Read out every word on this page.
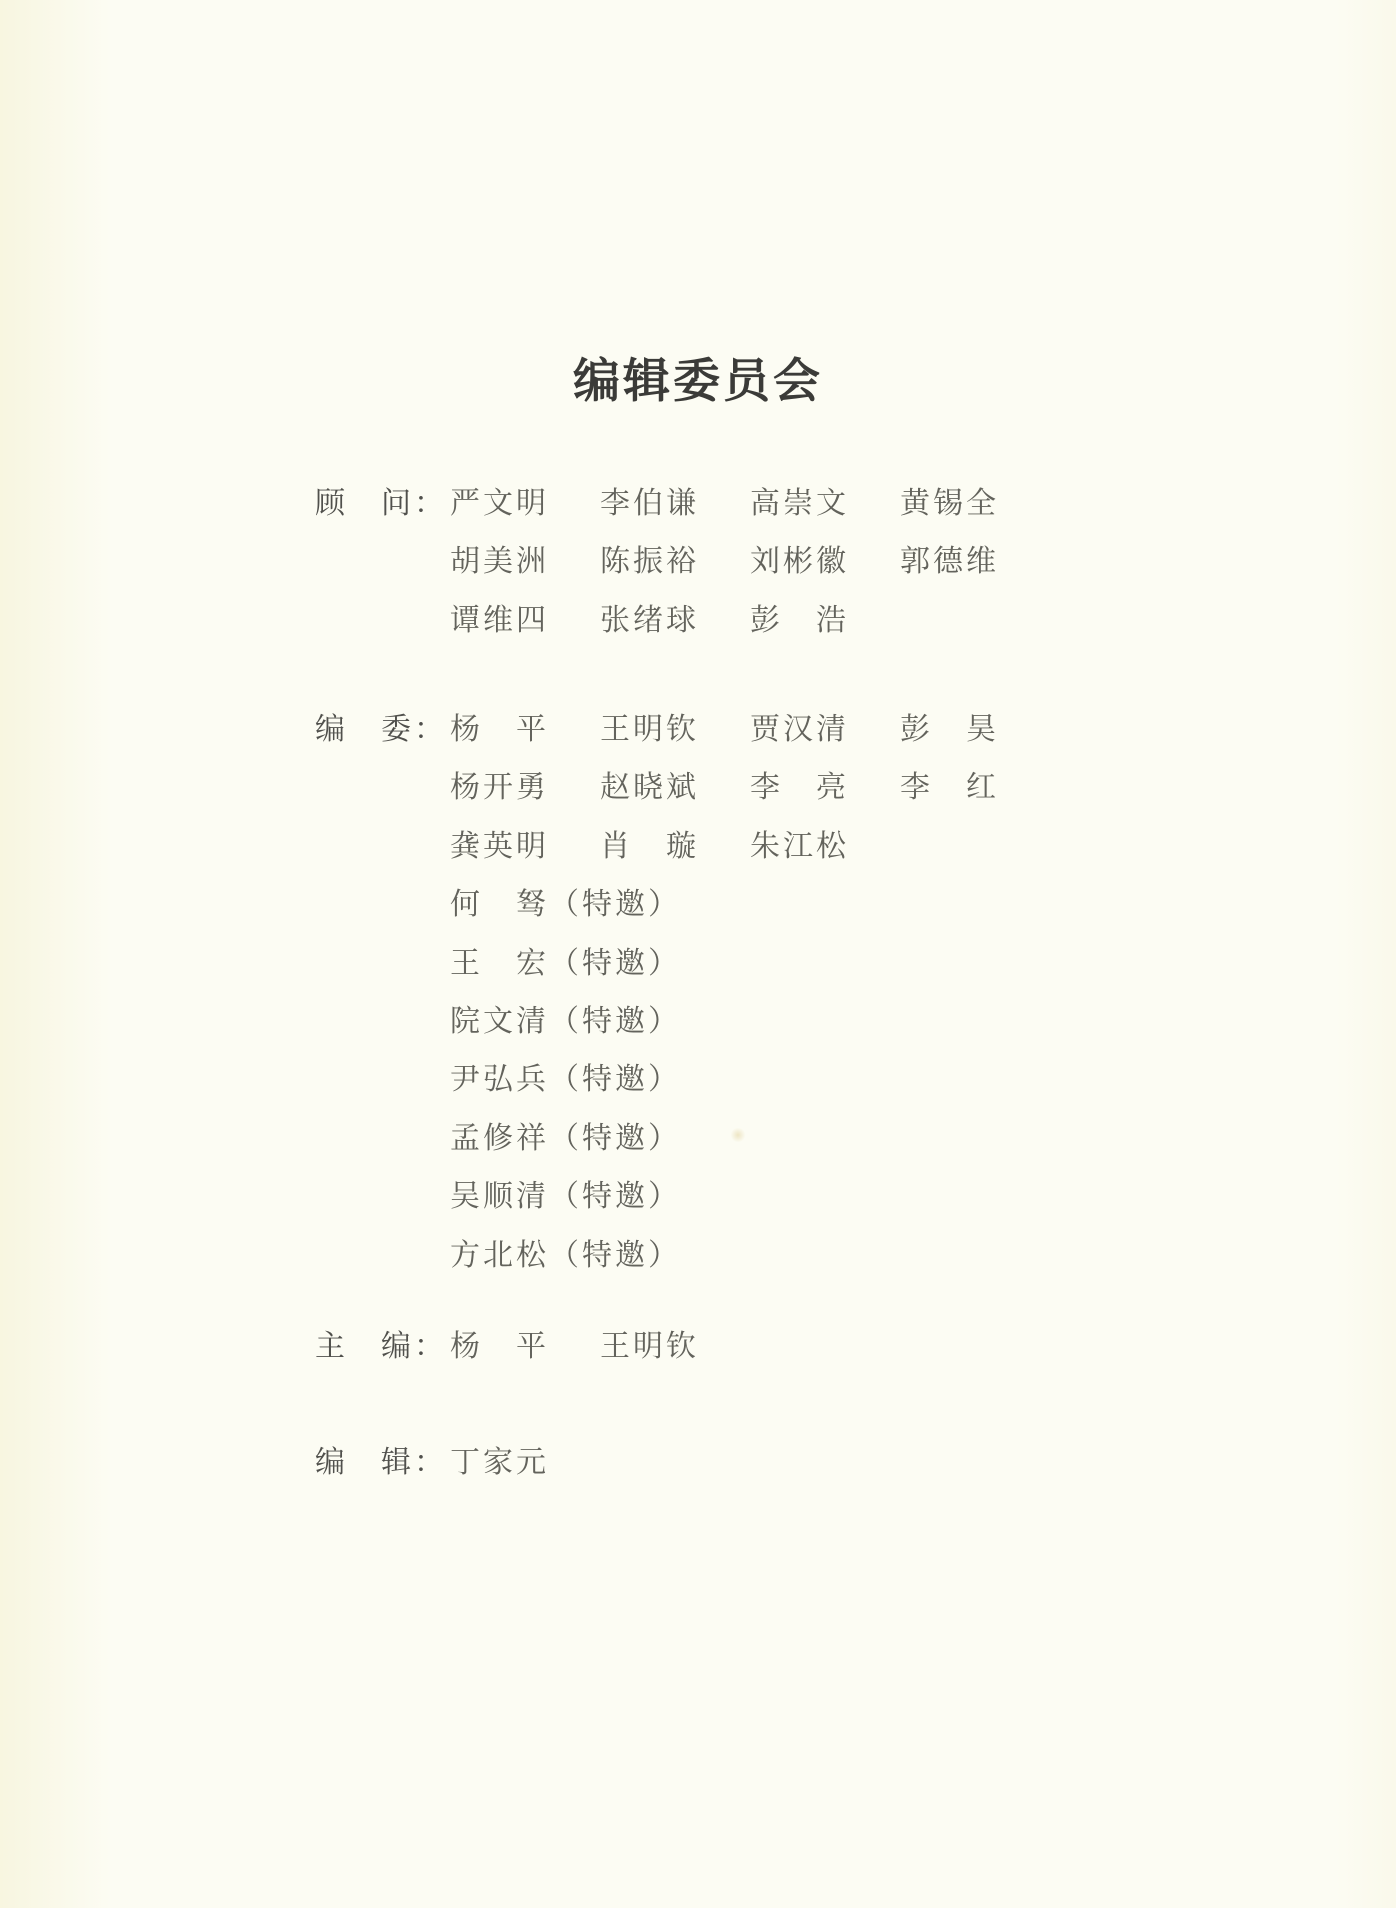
编辑委员会
顾　问： 严文明 李伯谦 高崇文 黄锡全
胡美洲 陈振裕 刘彬徽 郭德维
谭维四 张绪球 彭　浩
编　委： 杨　平 王明钦 贾汉清 彭　昊
杨开勇 赵晓斌 李　亮 李　红
龚英明 肖　璇 朱江松
何　驽（特邀）
王　宏（特邀）
院文清（特邀）
尹弘兵（特邀）
孟修祥（特邀）
吴顺清（特邀）
方北松（特邀）
主　编： 杨　平 王明钦
编　辑： 丁家元
